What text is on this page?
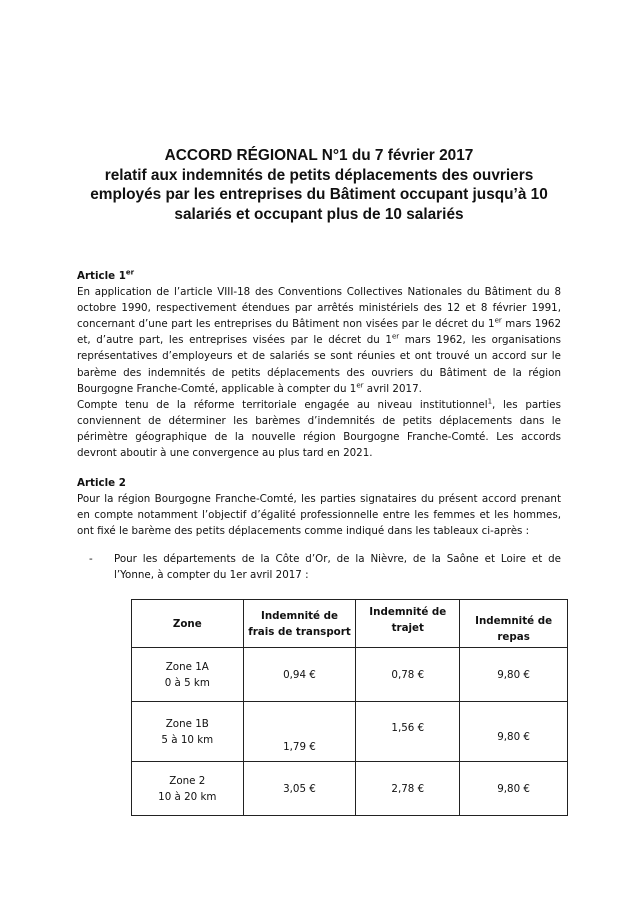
ACCORD RÉGIONAL N°1 du 7 février 2017
relatif aux indemnités de petits déplacements des ouvriers
employés par les entreprises du Bâtiment occupant jusqu’à 10
salariés et occupant plus de 10 salariés

Article 1er

En application de l’article VIII-18 des Conventions Collectives Nationales du Bâtiment du 8 octobre 1990, respectivement étendues par arrêtés ministériels des 12 et 8 février 1991, concernant d’une part les entreprises du Bâtiment non visées par le décret du 1er mars 1962 et, d’autre part, les entreprises visées par le décret du 1er mars 1962, les organisations représentatives d’employeurs et de salariés se sont réunies et ont trouvé un accord sur le barème des indemnités de petits déplacements des ouvriers du Bâtiment de la région Bourgogne Franche-Comté, applicable à compter du 1er avril 2017.

Compte tenu de la réforme territoriale engagée au niveau institutionnel$^1$, les parties conviennent de déterminer les barèmes d’indemnités de petits déplacements dans le périmètre géographique de la nouvelle région Bourgogne Franche-Comté. Les accords devront aboutir à une convergence au plus tard en 2021.

Article 2

Pour la région Bourgogne Franche-Comté, les parties signataires du présent accord prenant en compte notamment l’objectif d’égalité professionnelle entre les femmes et les hommes, ont fixé le barème des petits déplacements comme indiqué dans les tableaux ci-après :

- Pour les départements de la Côte d’Or, de la Nièvre, de la Saône et Loire et de l’Yonne, à compter du 1er avril 2017 :
Zone	Indemnité de frais de transport	Indemnité de trajet	Indemnité de repas

Zone 1A
0 à 5 km	0,94 €	0,78 €	9,80 €

Zone 1B
5 à 10 km	1,79 €	1,56 €	9,80 €

Zone 2
10 à 20 km	3,05 €	2,78 €	9,80 €
